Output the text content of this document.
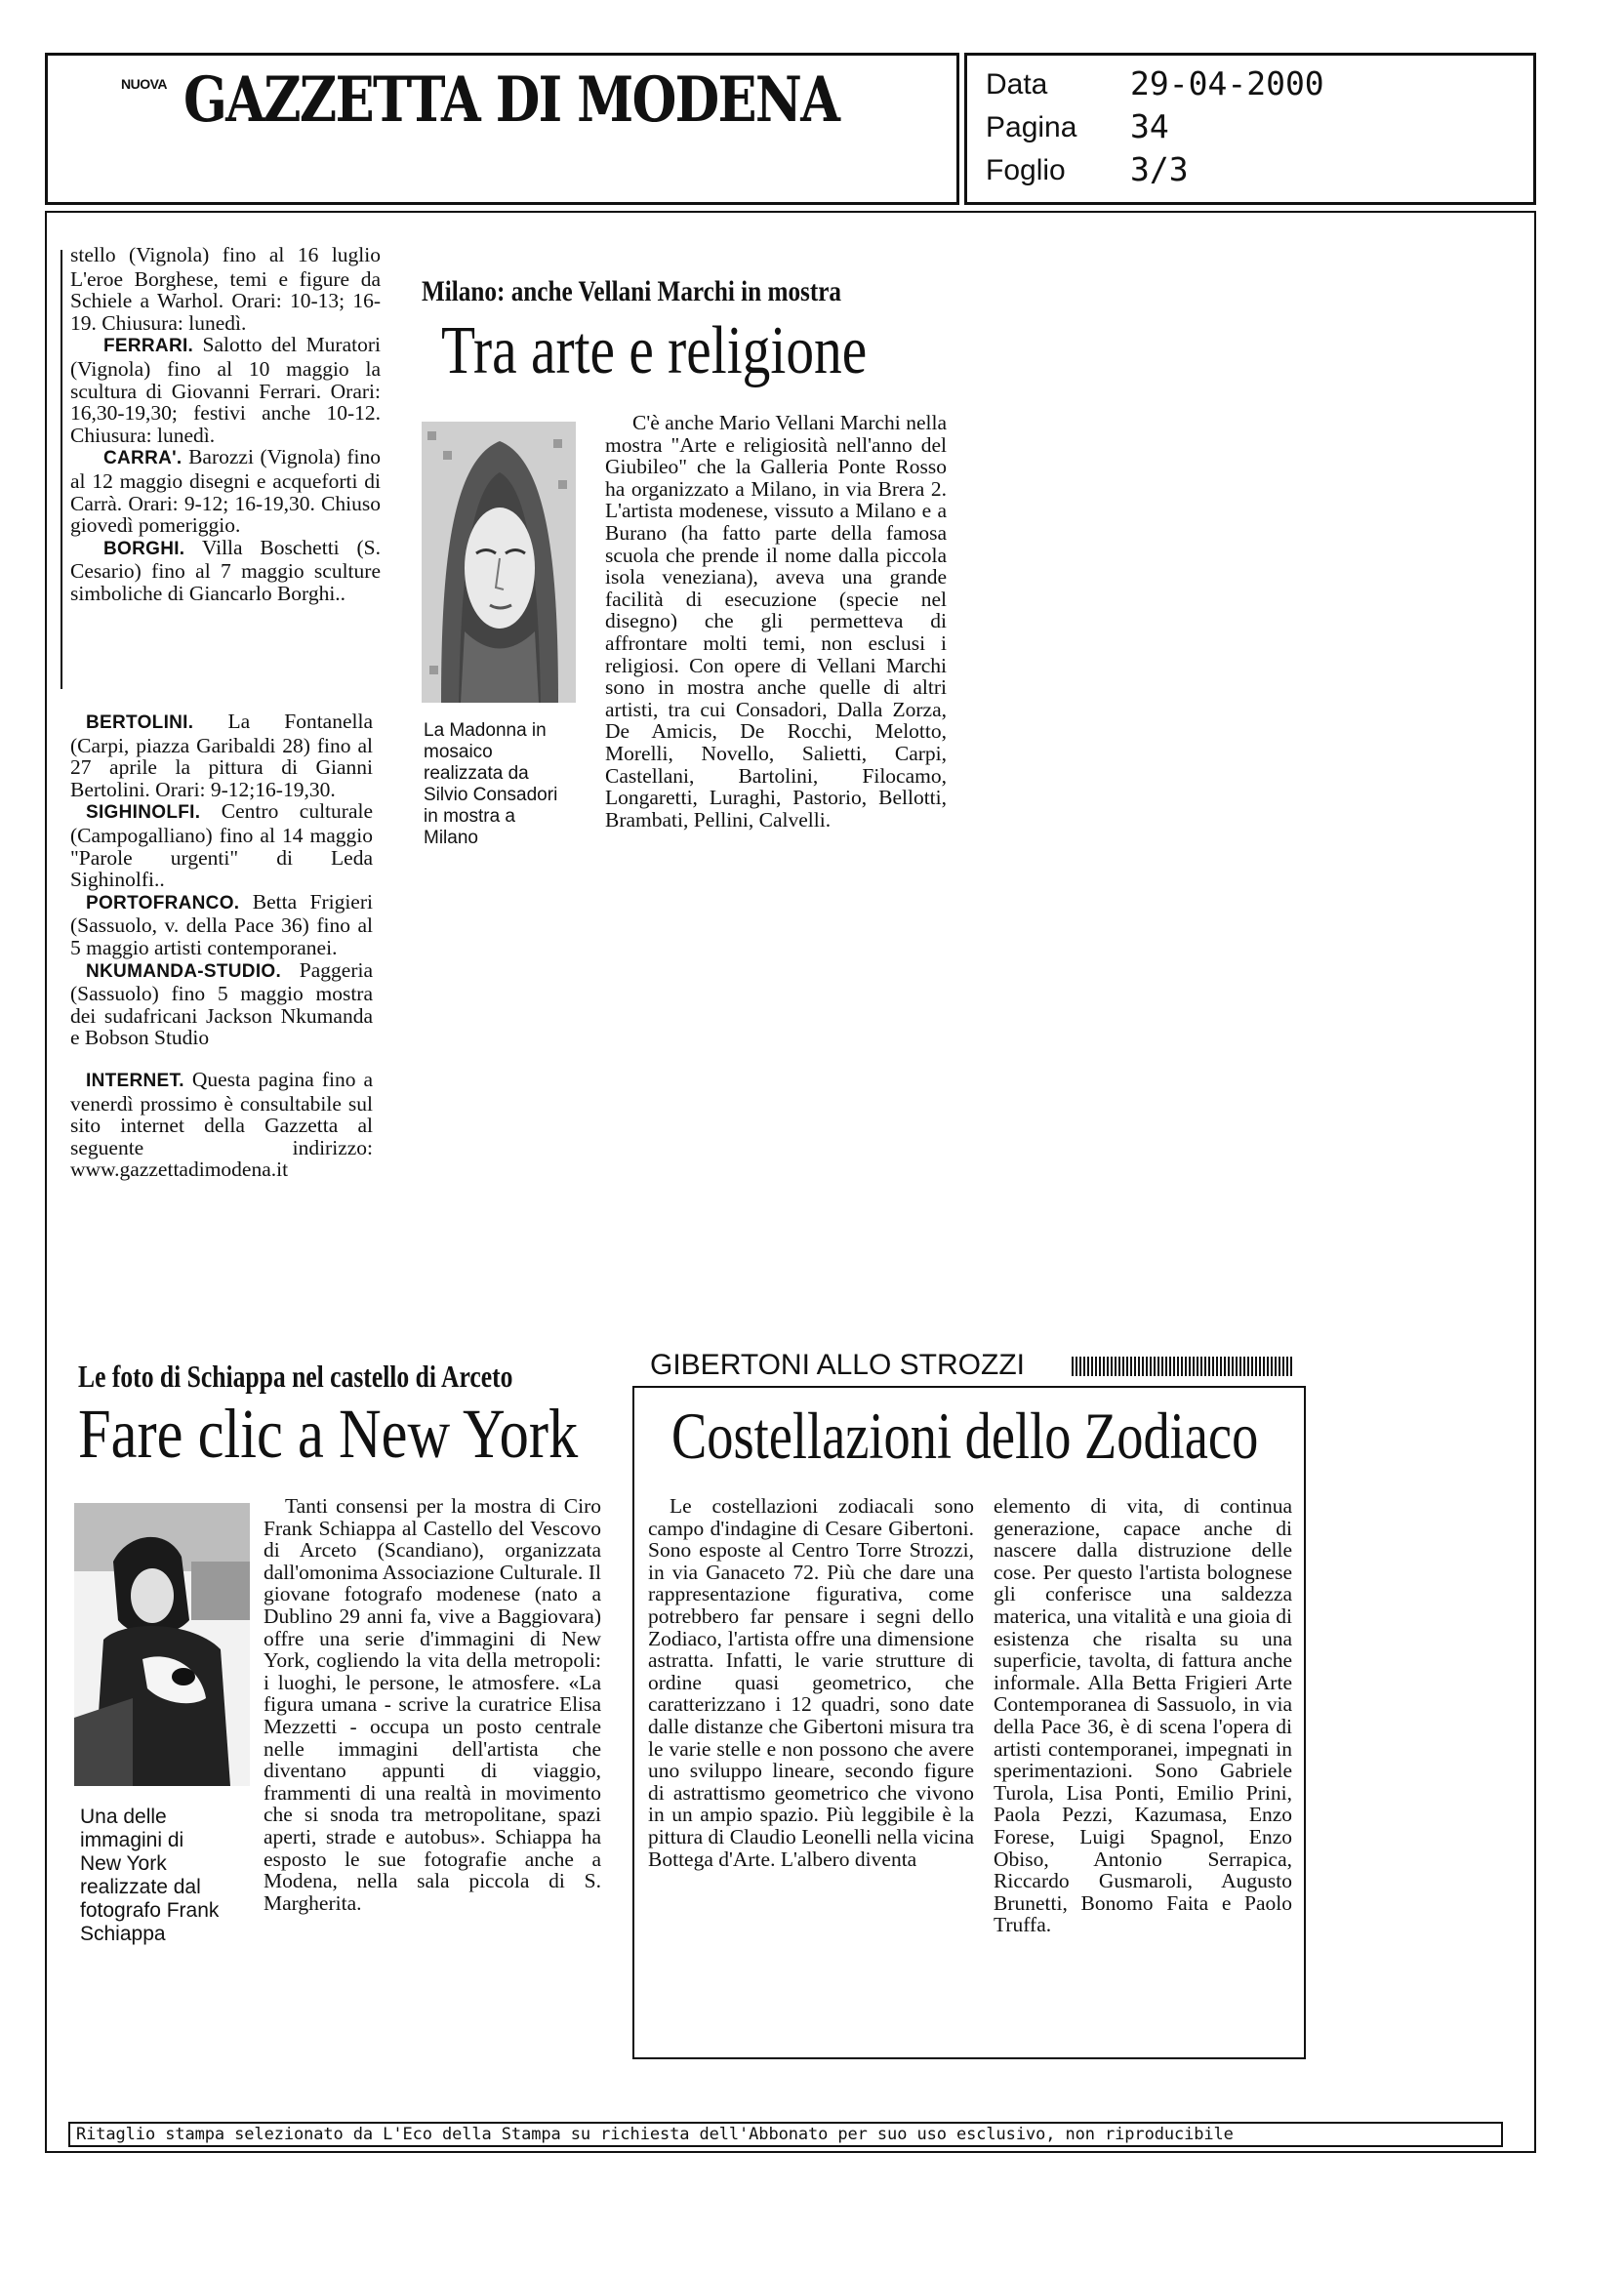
NUOVA GAZZETTA DI MODENA	Data	29-04-2000
Pagina 34
Foglio 3/3

stello (Vignola) fino al 16 luglio L'eroe Borghese, temi e figure da Schiele a Warhol. Orari: 10-13; 16-19. Chiusura: lunedì.

FERRARI. Salotto del Muratori (Vignola) fino al 10 maggio la scultura di Giovanni Ferrari. Orari: 16,30-19,30; festivi anche 10-12. Chiusura: lunedì.

CARRA'. Barozzi (Vignola) fino al 12 maggio disegni e acqueforti di Carrà. Orari: 9-12; 16-19,30. Chiuso giovedì pomeriggio.

BORGHI. Villa Boschetti (S. Cesario) fino al 7 maggio sculture simboliche di Giancarlo Borghi..

BERTOLINI. La Fontanella (Carpi, piazza Garibaldi 28) fino al 27 aprile la pittura di Gianni Bertolini. Orari: 9-12;16-19,30.

SIGHINOLFI. Centro culturale (Campogalliano) fino al 14 maggio "Parole urgenti" di Leda Sighinolfi..

PORTOFRANCO. Betta Frigieri (Sassuolo, v. della Pace 36) fino al 5 maggio artisti contemporanei.

NKUMANDA-STUDIO. Paggeria (Sassuolo) fino 5 maggio mostra dei sudafricani Jackson Nkumanda e Bobson Studio

INTERNET. Questa pagina fino a venerdì prossimo è consultabile sul sito internet della Gazzetta al seguente indirizzo: www.gazzettadimodena.it

Milano: anche Vellani Marchi in mostra
Tra arte e religione
La Madonna in mosaico realizzata da Silvio Consadori in mostra a Milano

C'è anche Mario Vellani Marchi nella mostra "Arte e religiosità nell'anno del Giubileo" che la Galleria Ponte Rosso ha organizzato a Milano, in via Brera 2. L'artista modenese, vissuto a Milano e a Burano (ha fatto parte della famosa scuola che prende il nome dalla piccola isola veneziana), aveva una grande facilità di esecuzione (specie nel disegno) che gli permetteva di affrontare molti temi, non esclusi i religiosi. Con opere di Vellani Marchi sono in mostra anche quelle di altri artisti, tra cui Consadori, Dalla Zorza, De Amicis, De Rocchi, Melotto, Morelli, Novello, Salietti, Carpi, Castellani, Bartolini, Filocamo, Longaretti, Luraghi, Pastorio, Bellotti, Brambati, Pellini, Calvelli.

Le foto di Schiappa nel castello di Arceto
Fare clic a New York
Una delle immagini di New York realizzate dal fotografo Frank Schiappa

Tanti consensi per la mostra di Ciro Frank Schiappa al Castello del Vescovo di Arceto (Scandiano), organizzata dall'omonima Associazione Culturale. Il giovane fotografo modenese (nato a Dublino 29 anni fa, vive a Baggiovara) offre una serie d'immagini di New York, cogliendo la vita della metropoli: i luoghi, le persone, le atmosfere. «La figura umana - scrive la curatrice Elisa Mezzetti - occupa un posto centrale nelle immagini dell'artista che diventano appunti di viaggio, frammenti di una realtà in movimento che si snoda tra metropolitane, spazi aperti, strade e autobus». Schiappa ha esposto le sue fotografie anche a Modena, nella sala piccola di S. Margherita.

GIBERTONI ALLO STROZZI
Costellazioni dello Zodiaco

Le costellazioni zodiacali sono campo d'indagine di Cesare Gibertoni. Sono esposte al Centro Torre Strozzi, in via Ganaceto 72. Più che dare una rappresentazione figurativa, come potrebbero far pensare i segni dello Zodiaco, l'artista offre una dimensione astratta. Infatti, le varie strutture di ordine quasi geometrico, che caratterizzano i 12 quadri, sono date dalle distanze che Gibertoni misura tra le varie stelle e non possono che avere uno sviluppo lineare, secondo figure di astrattismo geometrico che vivono in un ampio spazio. Più leggibile è la pittura di Claudio Leonelli nella vicina Bottega d'Arte. L'albero diventa

elemento di vita, di continua generazione, capace anche di nascere dalla distruzione delle cose. Per questo l'artista bolognese gli conferisce una saldezza materica, una vitalità e una gioia di esistenza che risalta su una superficie, tavolta, di fattura anche informale. Alla Betta Frigieri Arte Contemporanea di Sassuolo, in via della Pace 36, è di scena l'opera di artisti contemporanei, impegnati in sperimentazioni. Sono Gabriele Turola, Lisa Ponti, Emilio Prini, Paola Pezzi, Kazumasa, Enzo Forese, Luigi Spagnol, Enzo Obiso, Antonio Serrapica, Riccardo Gusmaroli, Augusto Brunetti, Bonomo Faita e Paolo Truffa.

Ritaglio stampa selezionato da L'Eco della Stampa su richiesta dell'Abbonato per suo uso esclusivo, non riproducibile
